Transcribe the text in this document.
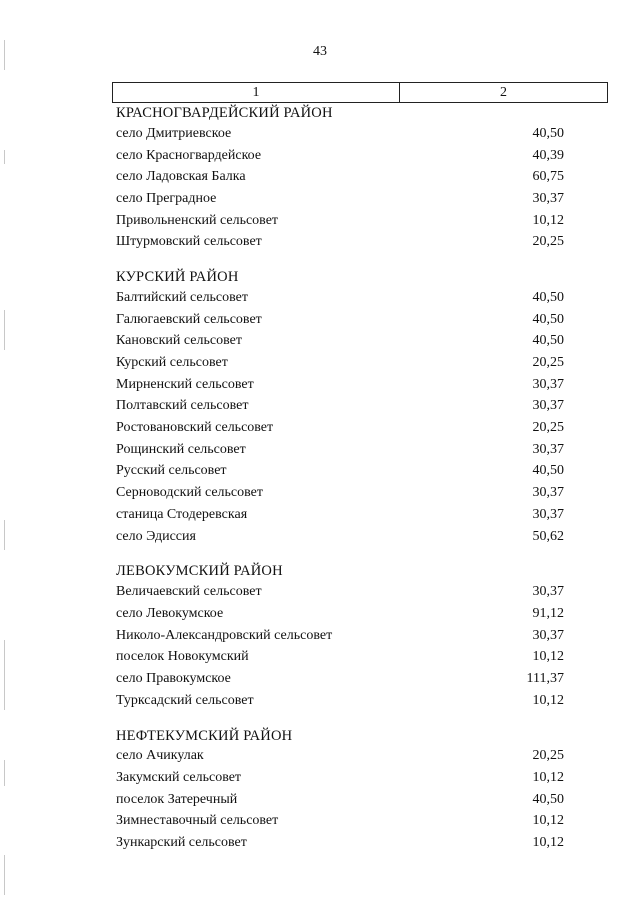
43
1	2
КРАСНОГВАРДЕЙСКИЙ РАЙОН
село Дмитриевское	40,50
село Красногвардейское	40,39
село Ладовская Балка	60,75
село Преградное	30,37
Привольненский сельсовет	10,12
Штурмовский сельсовет	20,25
КУРСКИЙ РАЙОН
Балтийский сельсовет	40,50
Галюгаевский сельсовет	40,50
Кановский сельсовет	40,50
Курский сельсовет	20,25
Мирненский сельсовет	30,37
Полтавский сельсовет	30,37
Ростовановский сельсовет	20,25
Рощинский сельсовет	30,37
Русский сельсовет	40,50
Серноводский сельсовет	30,37
станица Стодеревская	30,37
село Эдиссия	50,62
ЛЕВОКУМСКИЙ РАЙОН
Величаевский сельсовет	30,37
село Левокумское	91,12
Николо-Александровский сельсовет	30,37
поселок Новокумский	10,12
село Правокумское	111,37
Турксадский сельсовет	10,12
НЕФТЕКУМСКИЙ РАЙОН
село Ачикулак	20,25
Закумский сельсовет	10,12
поселок Затеречный	40,50
Зимнеставочный сельсовет	10,12
Зункарский сельсовет	10,12
